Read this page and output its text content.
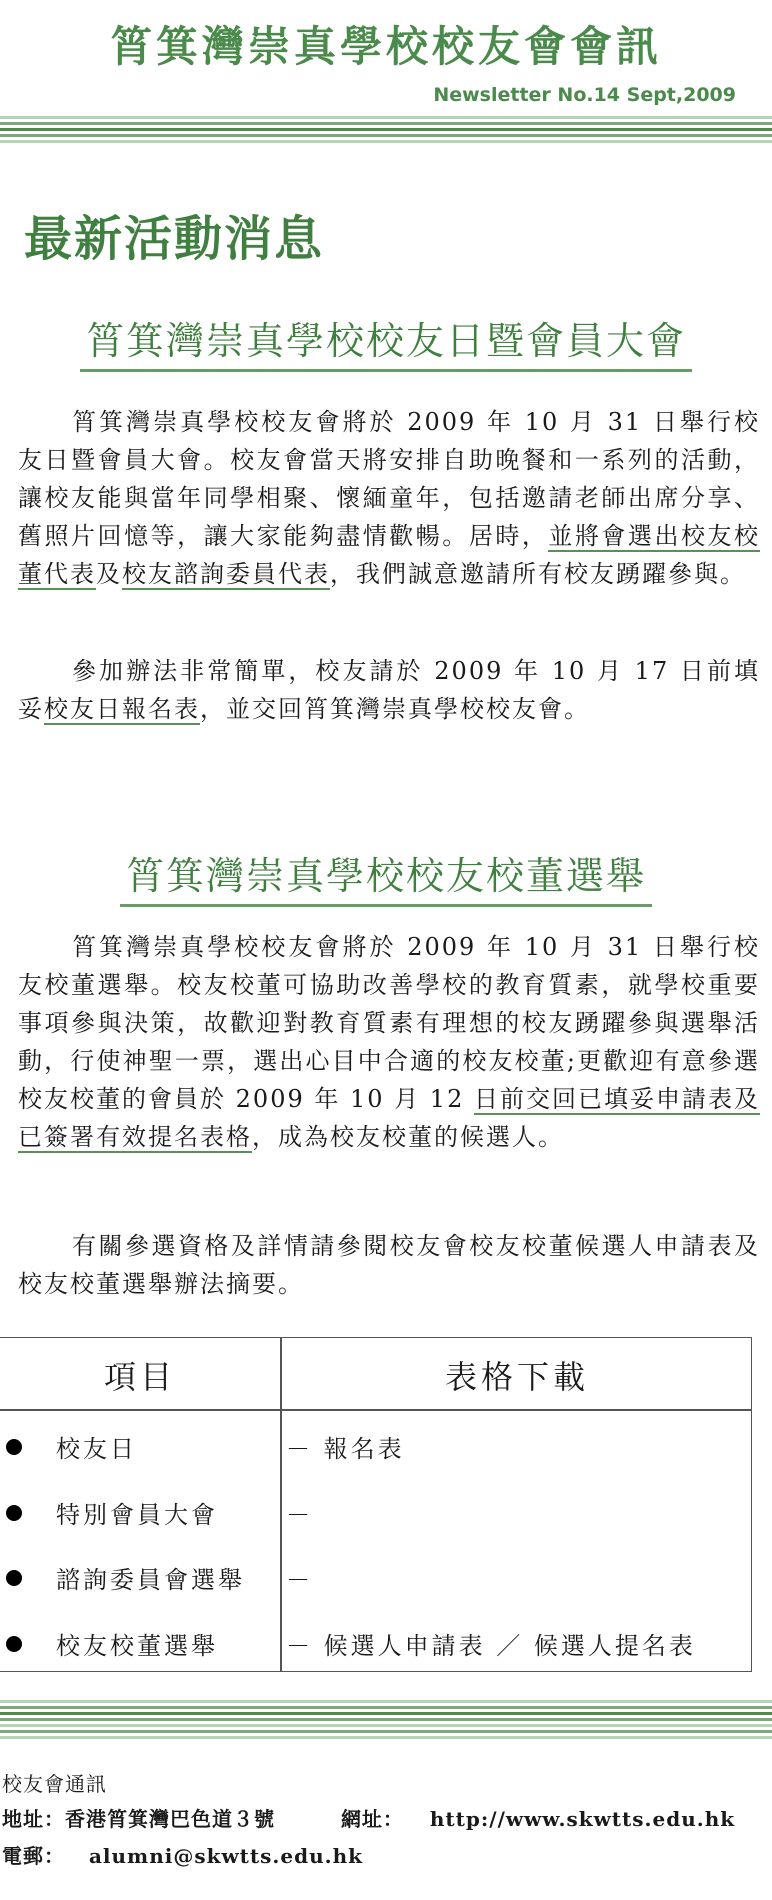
筲箕灣崇真學校校友會會訊
Newsletter No.14 Sept,2009
最新活動消息
筲箕灣崇真學校校友日暨會員大會
筲箕灣崇真學校校友會將於 2009 年 10 月 31 日舉行校友日暨會員大會。校友會當天將安排自助晚餐和一系列的活動，讓校友能與當年同學相聚、懷緬童年，包括邀請老師出席分享、舊照片回憶等，讓大家能夠盡情歡暢。居時，並將會選出校友校董代表及校友諮詢委員代表，我們誠意邀請所有校友踴躍參與。
參加辦法非常簡單，校友請於 2009 年 10 月 17 日前填妥校友日報名表，並交回筲箕灣崇真學校校友會。
筲箕灣崇真學校校友校董選舉
筲箕灣崇真學校校友會將於 2009 年 10 月 31 日舉行校友校董選舉。校友校董可協助改善學校的教育質素，就學校重要事項參與決策，故歡迎對教育質素有理想的校友踴躍參與選舉活動，行使神聖一票，選出心目中合適的校友校董;更歡迎有意參選校友校董的會員於 2009 年 10 月 12 日前交回已填妥申請表及已簽署有效提名表格，成為校友校董的候選人。
有關參選資格及詳情請參閱校友會校友校董候選人申請表及校友校董選舉辦法摘要。
項目	表格下載
校友日	－ 報名表
特別會員大會	－
諮詢委員會選舉 －
校友校董選舉	－ 候選人申請表 ／ 候選人提名表
校友會通訊
地址：香港筲箕灣巴色道３號	網址： http://www.skwtts.edu.hk
電郵： alumni@skwtts.edu.hk
